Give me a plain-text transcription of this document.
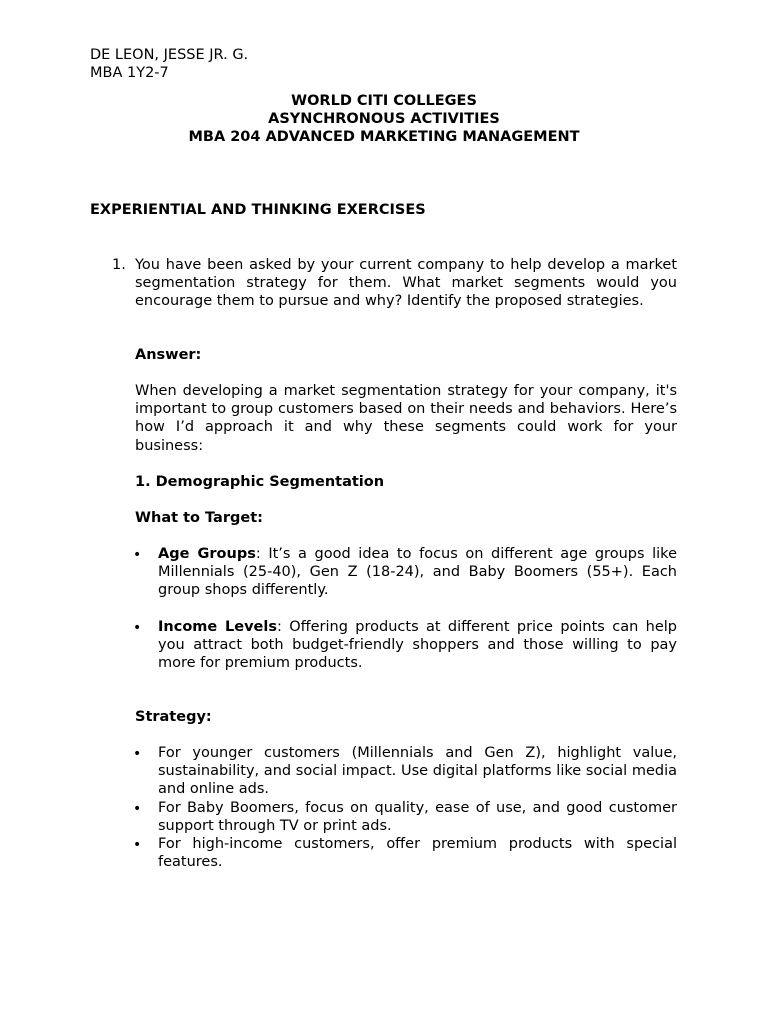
DE LEON, JESSE JR. G.
MBA 1Y2-7
WORLD CITI COLLEGES
ASYNCHRONOUS ACTIVITIES
MBA 204 ADVANCED MARKETING MANAGEMENT
EXPERIENTIAL AND THINKING EXERCISES
1. You have been asked by your current company to help develop a market segmentation strategy for them. What market segments would you encourage them to pursue and why? Identify the proposed strategies.
Answer:
When developing a market segmentation strategy for your company, it's important to group customers based on their needs and behaviors. Here’s how I’d approach it and why these segments could work for your business:
1. Demographic Segmentation
What to Target:
• Age Groups: It’s a good idea to focus on different age groups like Millennials (25-40), Gen Z (18-24), and Baby Boomers (55+). Each group shops differently.
• Income Levels: Offering products at different price points can help you attract both budget-friendly shoppers and those willing to pay more for premium products.
Strategy:
• For younger customers (Millennials and Gen Z), highlight value, sustainability, and social impact. Use digital platforms like social media and online ads.
• For Baby Boomers, focus on quality, ease of use, and good customer support through TV or print ads.
• For high-income customers, offer premium products with special features.
